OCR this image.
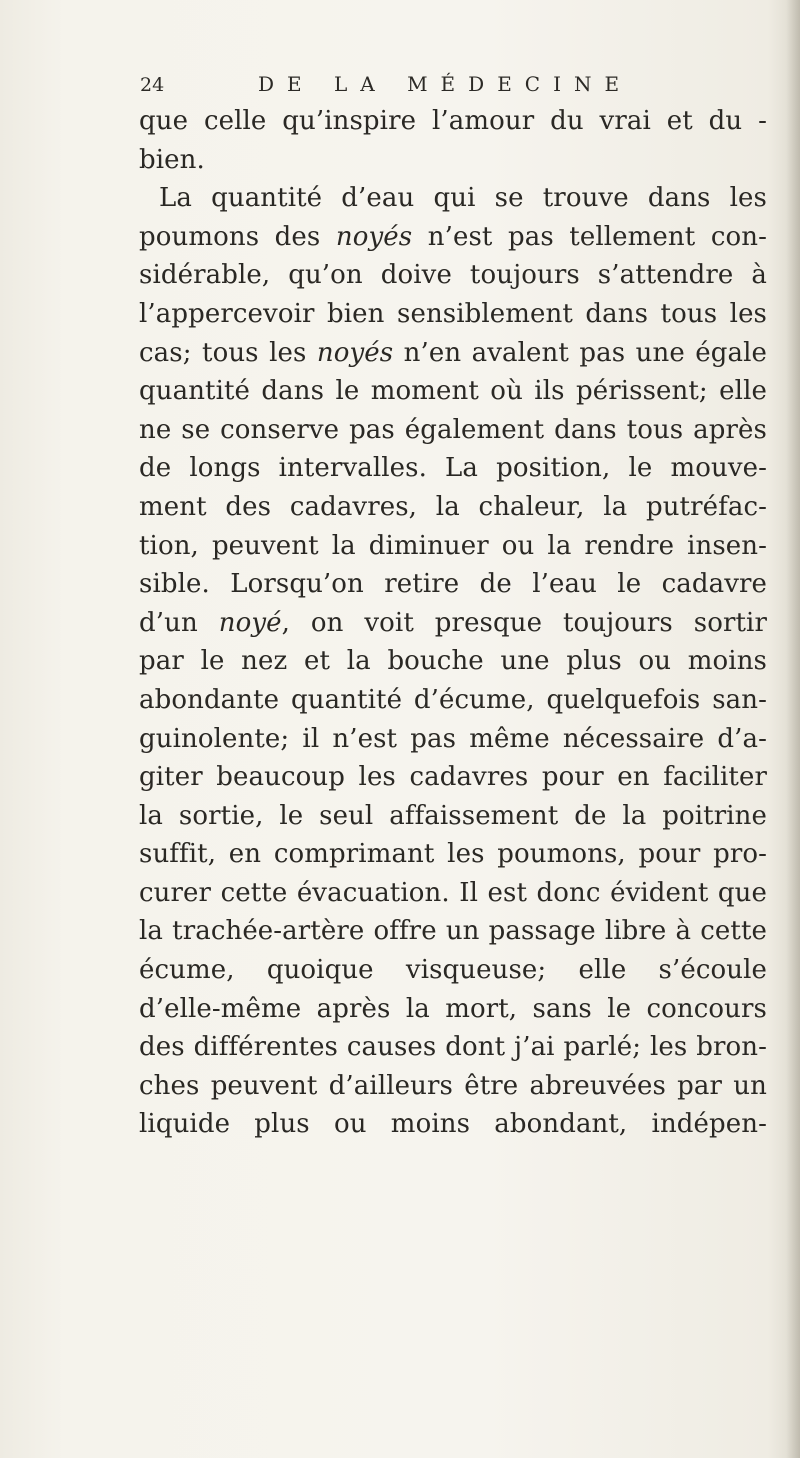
24	DE LA MÉDECINE
que celle qu’inspire l’amour du vrai et du -
bien.
La quantité d’eau qui se trouve dans les
poumons des noyés n’est pas tellement con-
sidérable, qu’on doive toujours s’attendre à
l’appercevoir bien sensiblement dans tous les
cas; tous les noyés n’en avalent pas une égale
quantité dans le moment où ils périssent; elle
ne se conserve pas également dans tous après
de longs intervalles. La position, le mouve-
ment des cadavres, la chaleur, la putréfac-
tion, peuvent la diminuer ou la rendre insen-
sible. Lorsqu’on retire de l’eau le cadavre
d’un noyé, on voit presque toujours sortir
par le nez et la bouche une plus ou moins
abondante quantité d’écume, quelquefois san-
guinolente; il n’est pas même nécessaire d’a-
giter beaucoup les cadavres pour en faciliter
la sortie, le seul affaissement de la poitrine
suffit, en comprimant les poumons, pour pro-
curer cette évacuation. Il est donc évident que
la trachée-artère offre un passage libre à cette
écume, quoique visqueuse; elle s’écoule
d’elle-même après la mort, sans le concours
des différentes causes dont j’ai parlé; les bron-
ches peuvent d’ailleurs être abreuvées par un
liquide plus ou moins abondant, indépen-
